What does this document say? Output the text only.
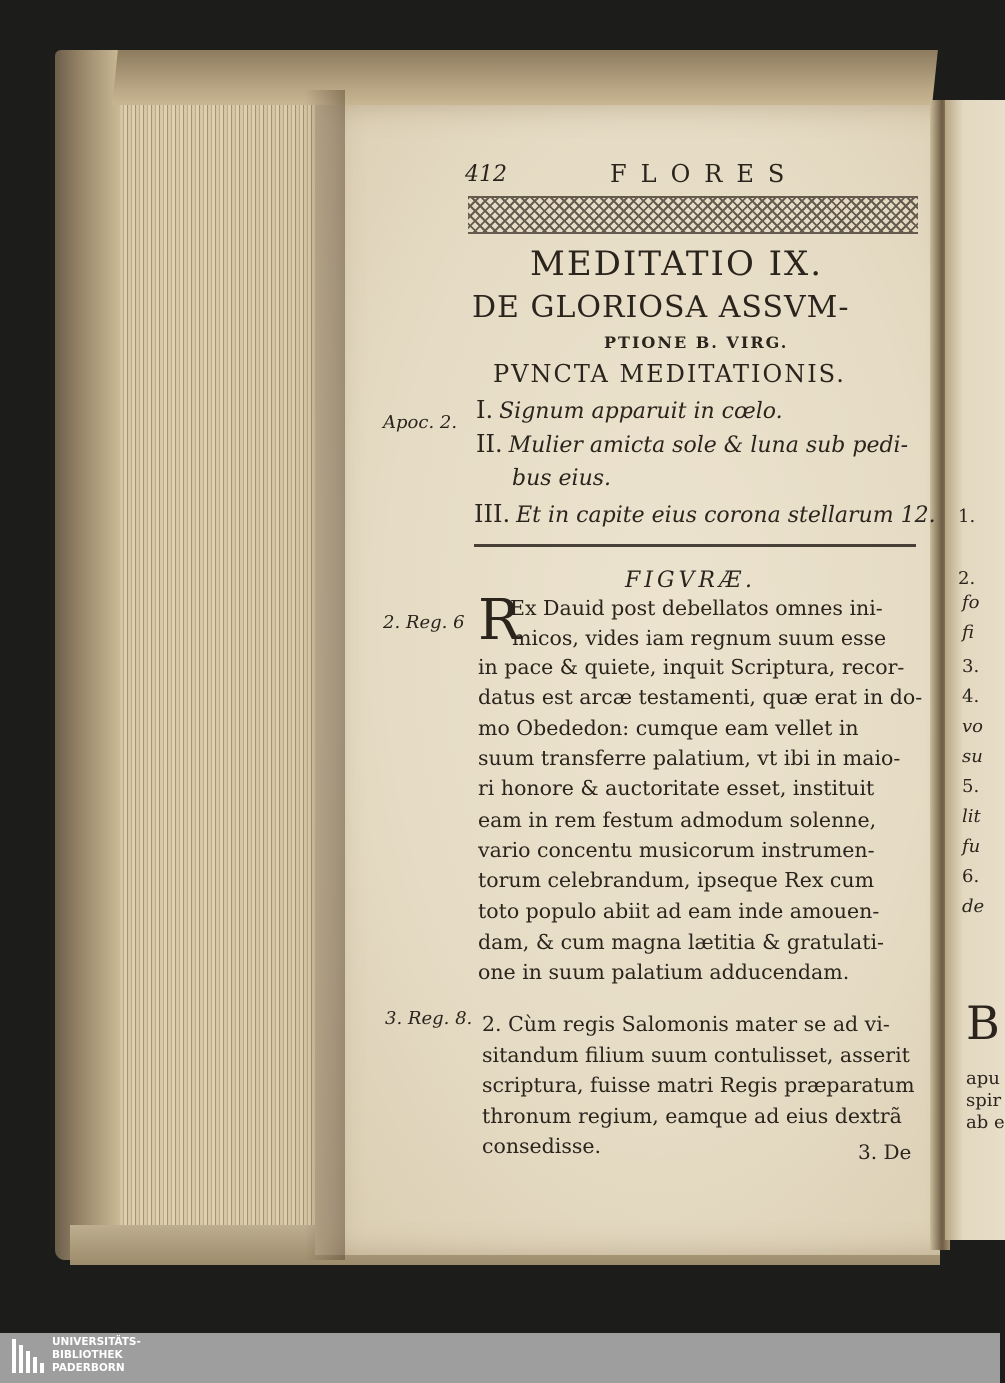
412	FLORES
MEDITATIO IX.
DE GLORIOSA ASSVM-
PTIONE B. VIRG.
PVNCTA MEDITATIONIS.
Apoc. 2.
2. Reg. 6
3. Reg. 8.
I. Signum apparuit in cœlo.
II. Mulier amicta sole & luna sub pedi-
bus eius.
III. Et in capite eius corona stellarum 12.
FIGVRÆ.
R
Ex Dauid post debellatos omnes ini-
micos, vides iam regnum suum esse
in pace & quiete, inquit Scriptura, recor-
datus est arcæ testamenti, quæ erat in do-
mo Obededon: cumque eam vellet in
suum transferre palatium, vt ibi in maio-
ri honore & auctoritate esset, instituit
eam in rem festum admodum solenne,
vario concentu musicorum instrumen-
torum celebrandum, ipseque Rex cum
toto populo abiit ad eam inde amouen-
dam, & cum magna lætitia & gratulati-
one in suum palatium adducendam.
2. Cùm regis Salomonis mater se ad vi-
sitandum filium suum contulisset, asserit
scriptura, fuisse matri Regis præparatum
thronum regium, eamque ad eius dextrã
consedisse.	3. De
1.
2.
fo
fi
3.
4.
vo
su
5.
lit
fu
6.
de
B
apu
spir
ab e
UNIVERSITÄTS-
BIBLIOTHEK
PADERBORN
